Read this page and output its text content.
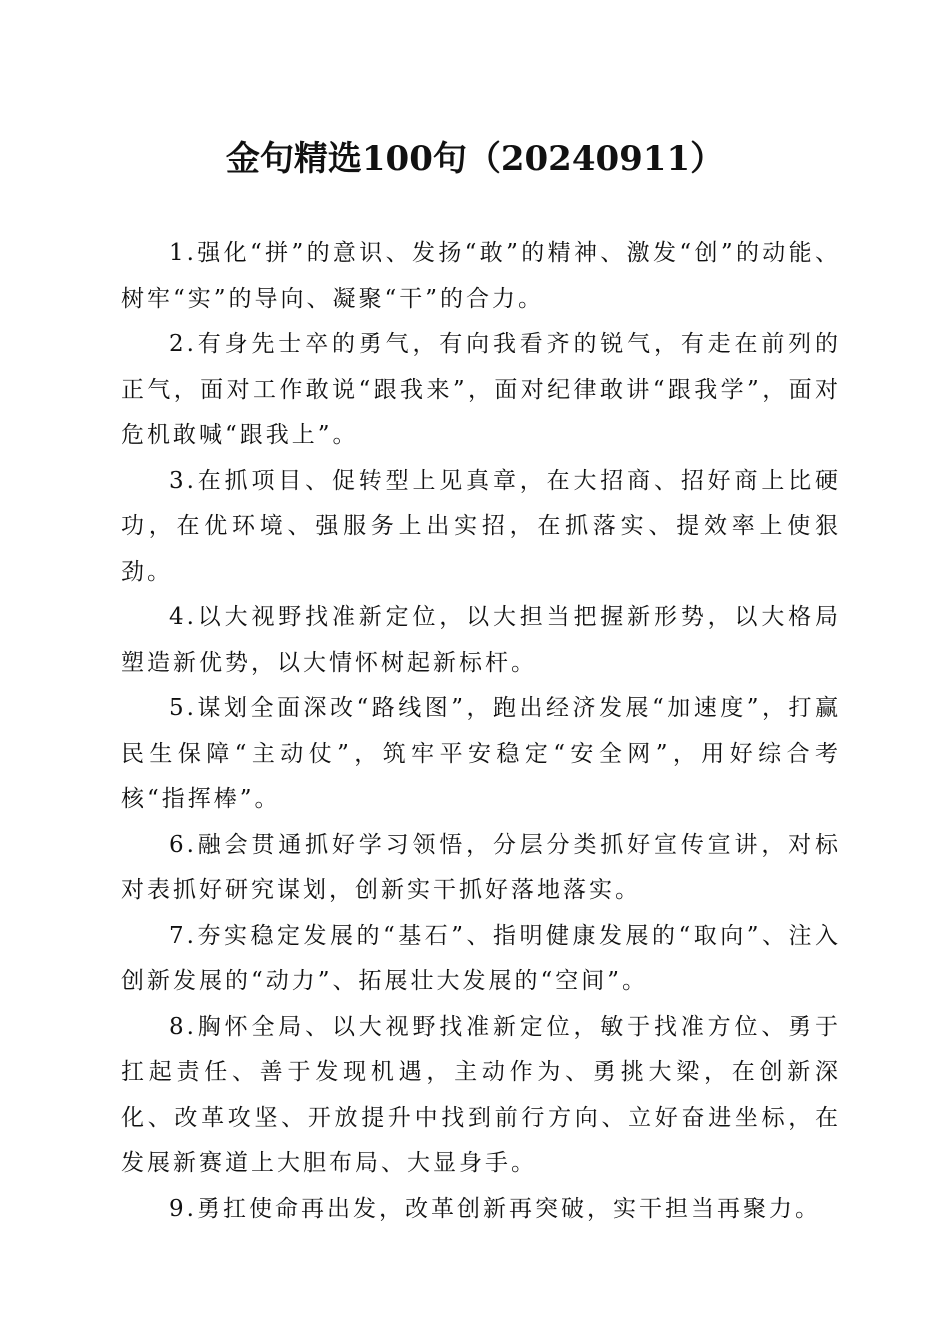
金句精选100句（20240911）

1.强化“拼”的意识、发扬“敢”的精神、激发“创”的动能、树牢“实”的导向、凝聚“干”的合力。

2.有身先士卒的勇气，有向我看齐的锐气，有走在前列的正气，面对工作敢说“跟我来”，面对纪律敢讲“跟我学”，面对危机敢喊“跟我上”。

3.在抓项目、促转型上见真章，在大招商、招好商上比硬功，在优环境、强服务上出实招，在抓落实、提效率上使狠劲。

4.以大视野找准新定位，以大担当把握新形势，以大格局塑造新优势，以大情怀树起新标杆。

5.谋划全面深改“路线图”，跑出经济发展“加速度”，打赢民生保障“主动仗”，筑牢平安稳定“安全网”，用好综合考核“指挥棒”。

6.融会贯通抓好学习领悟，分层分类抓好宣传宣讲，对标对表抓好研究谋划，创新实干抓好落地落实。

7.夯实稳定发展的“基石”、指明健康发展的“取向”、注入创新发展的“动力”、拓展壮大发展的“空间”。

8.胸怀全局、以大视野找准新定位，敏于找准方位、勇于扛起责任、善于发现机遇，主动作为、勇挑大梁，在创新深化、改革攻坚、开放提升中找到前行方向、立好奋进坐标，在发展新赛道上大胆布局、大显身手。

9.勇扛使命再出发，改革创新再突破，实干担当再聚力。
